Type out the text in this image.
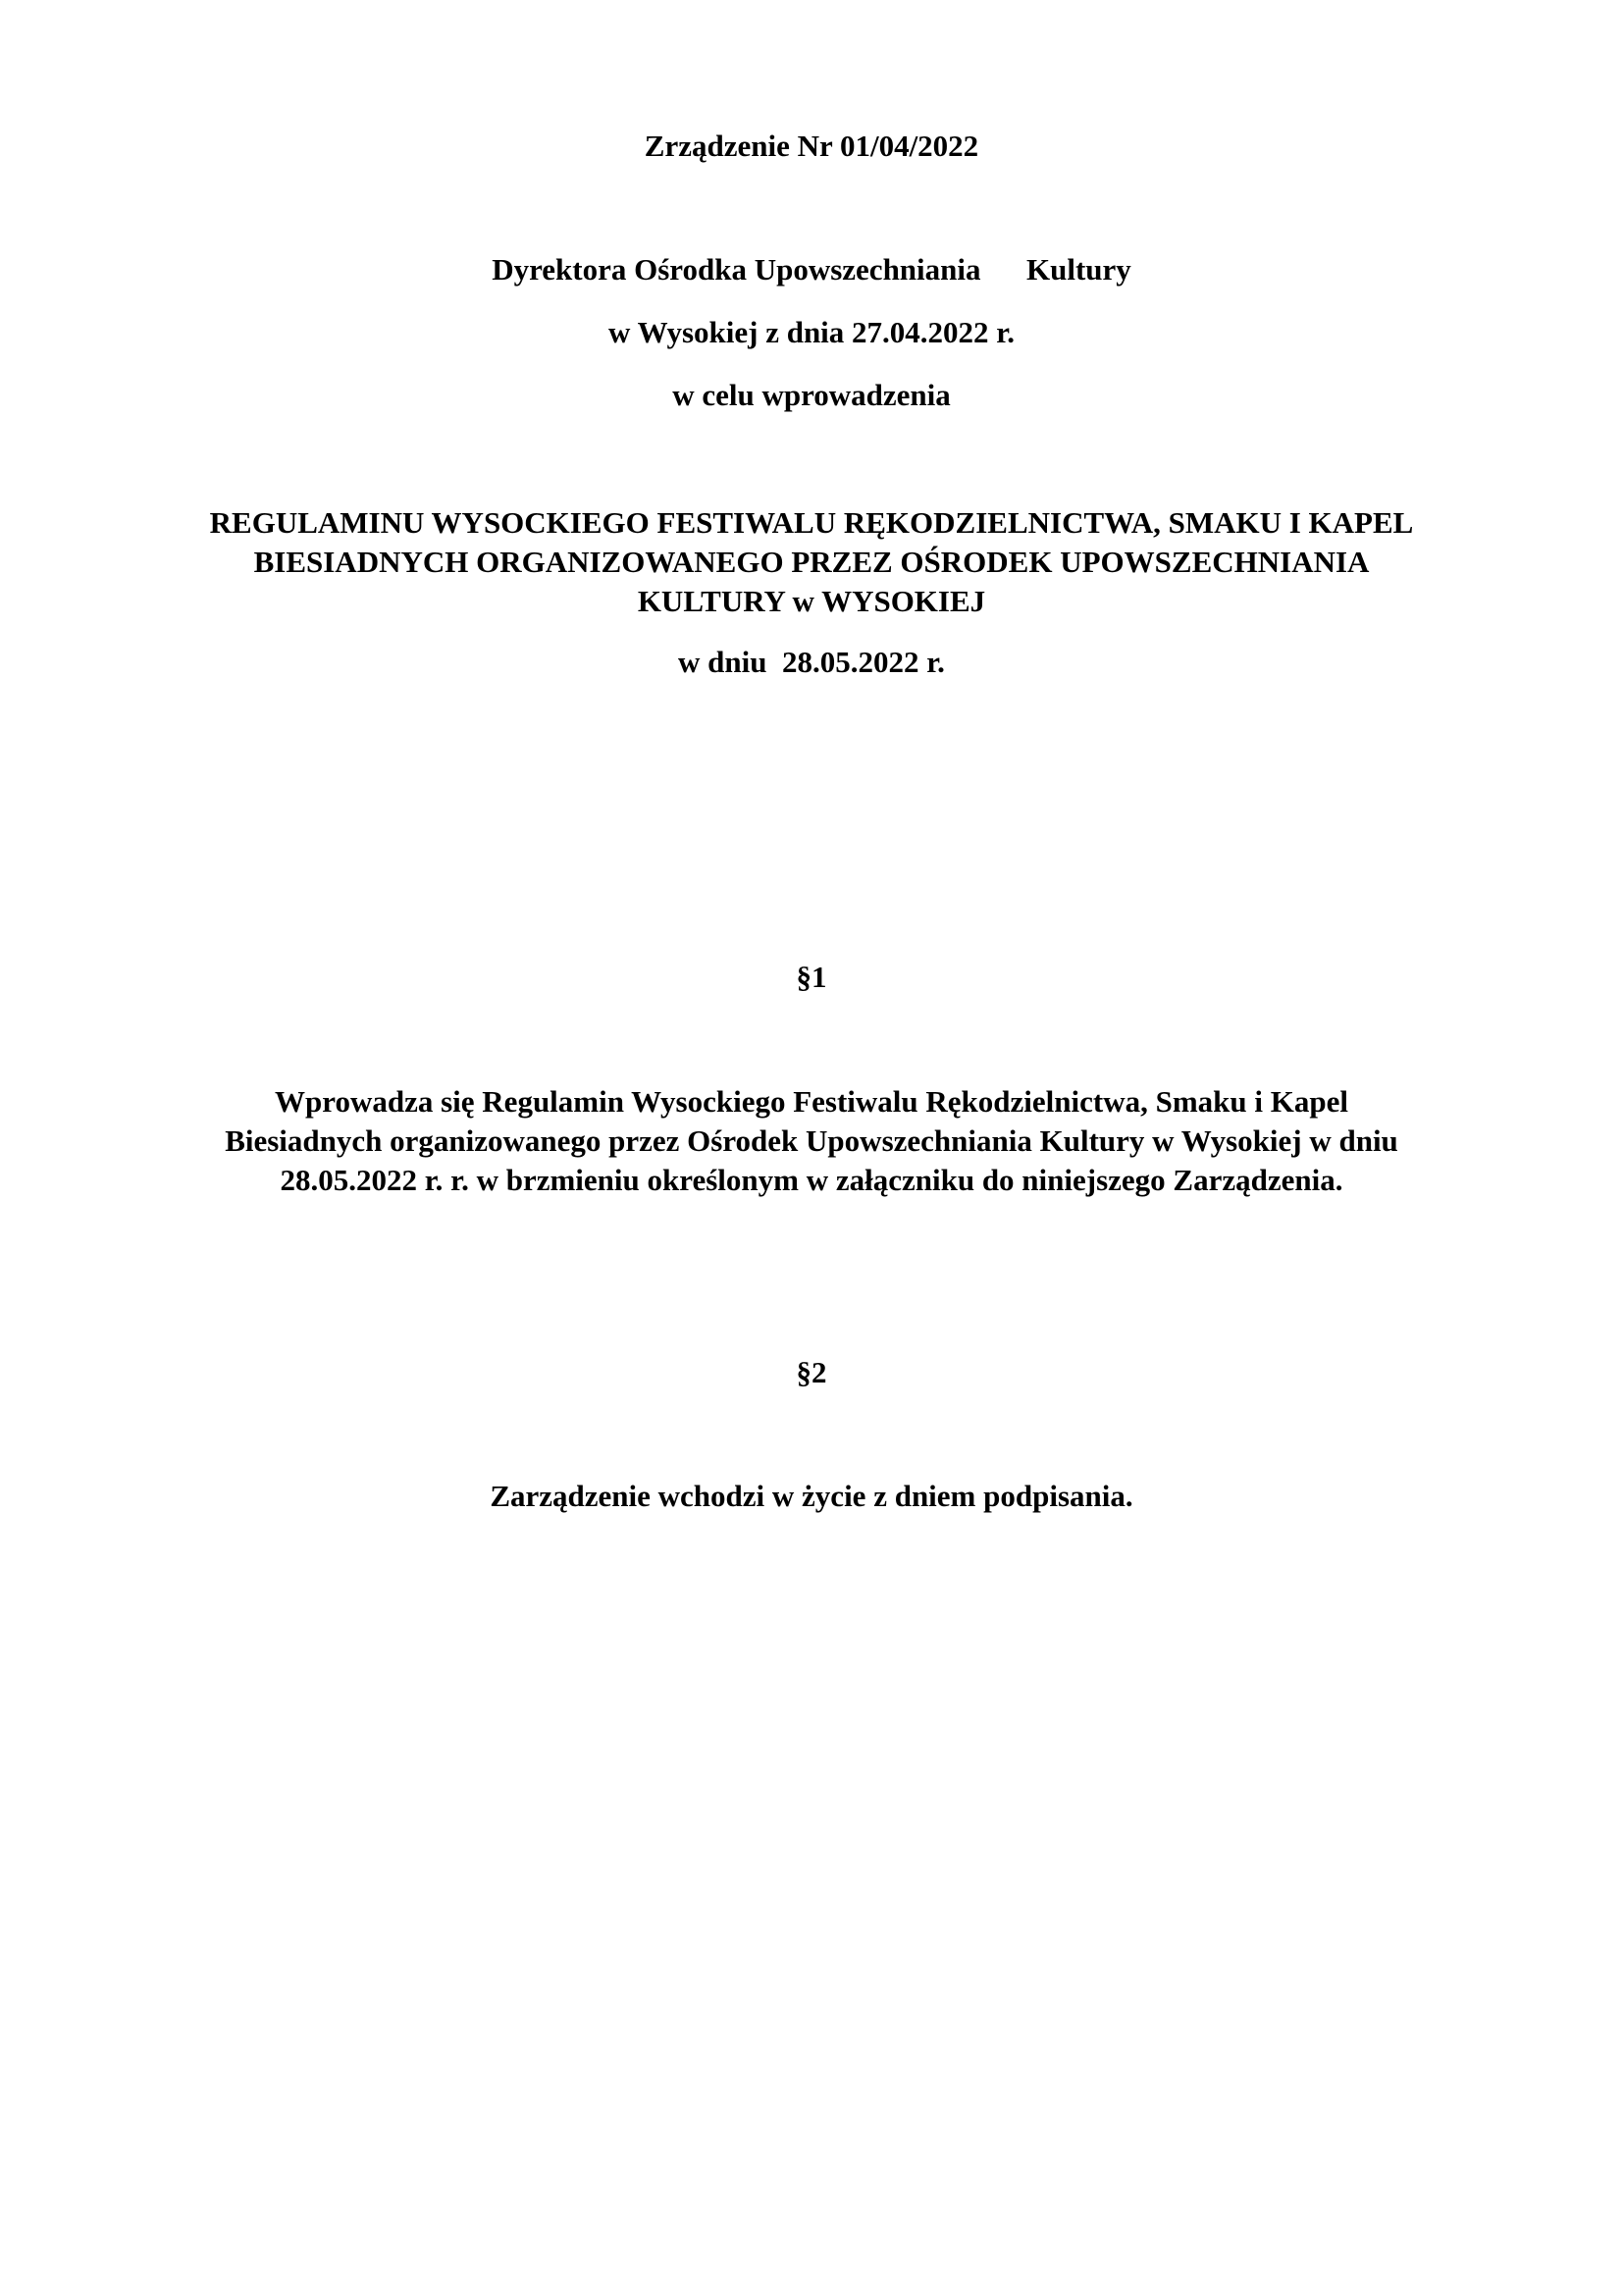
Zrządzenie Nr 01/04/2022
Dyrektora Ośrodka Upowszechniania      Kultury
w Wysokiej z dnia 27.04.2022 r.
w celu wprowadzenia
REGULAMINU WYSOCKIEGO FESTIWALU RĘKODZIELNICTWA, SMAKU I KAPEL
BIESIADNYCH ORGANIZOWANEGO PRZEZ OŚRODEK UPOWSZECHNIANIA
KULTURY w WYSOKIEJ
w dniu  28.05.2022 r.
§1
Wprowadza się Regulamin Wysockiego Festiwalu Rękodzielnictwa, Smaku i Kapel
Biesiadnych organizowanego przez Ośrodek Upowszechniania Kultury w Wysokiej w dniu
28.05.2022 r. r. w brzmieniu określonym w załączniku do niniejszego Zarządzenia.
§2
Zarządzenie wchodzi w życie z dniem podpisania.
